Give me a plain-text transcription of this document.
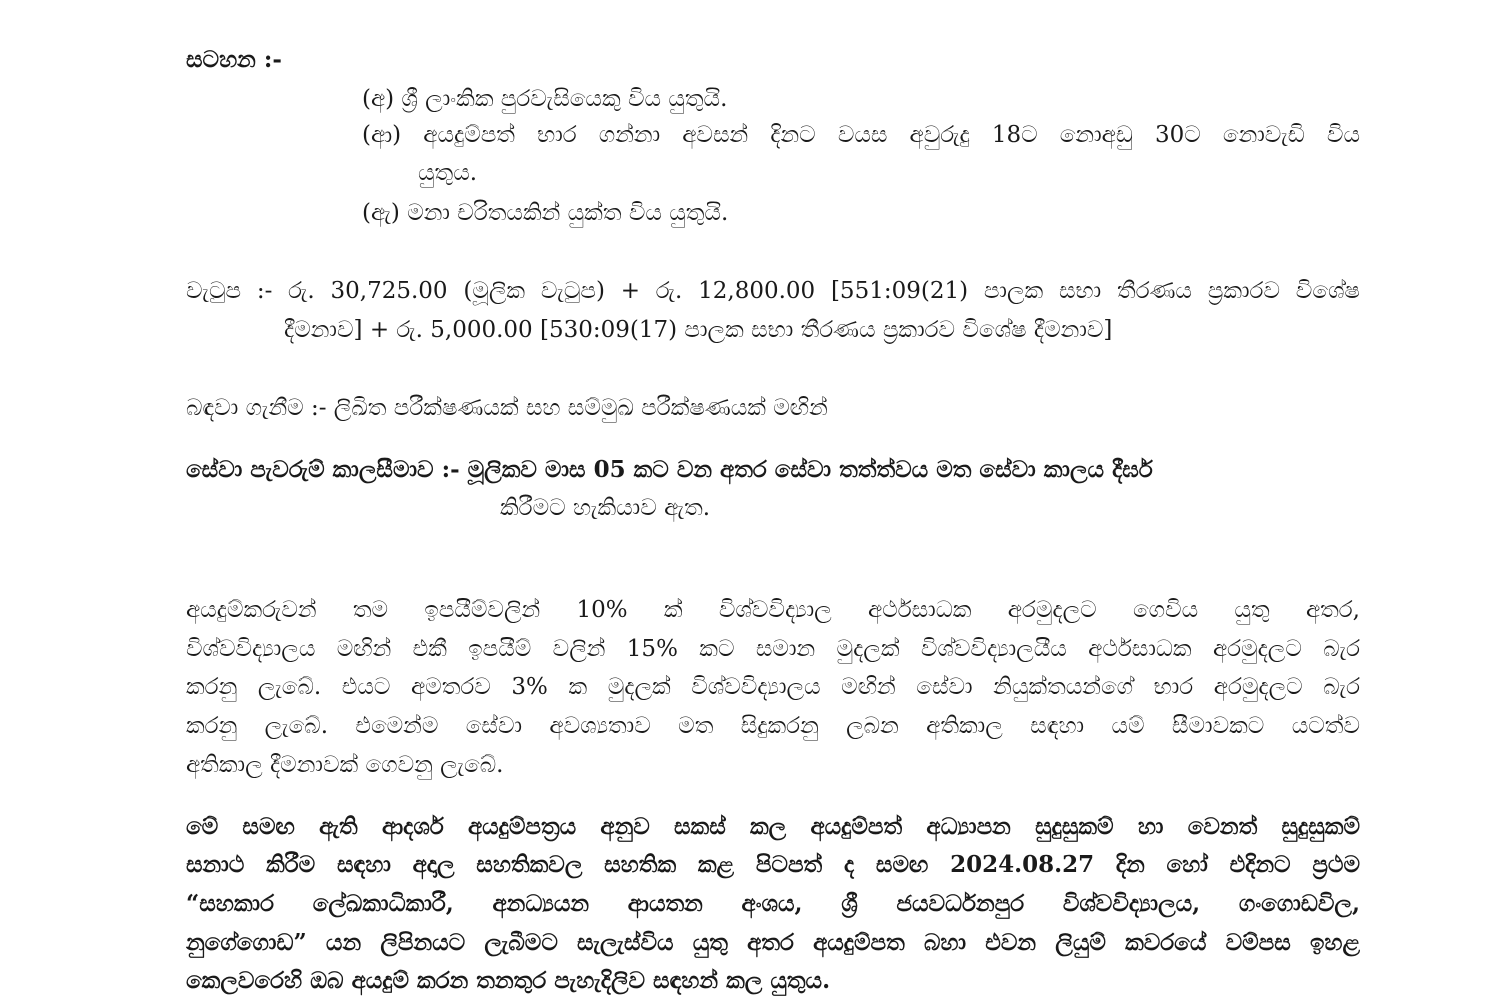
සටහන :-
(අ) ශ්‍රී ලාංකික පුරවැසියෙකු විය යුතුයි.
(ආ) අයදුම්පත් භාර ගන්නා අවසන් දිනට වයස අවුරුදු 18ට නොඅඩු 30ට නොවැඩි විය
යුතුය.
(ඇ) මනා චරිතයකින් යුක්ත විය යුතුයි.
වැටුප :- රු. 30,725.00 (මූලික වැටුප) + රු. 12,800.00 [551:09(21) පාලක සභා තීරණය ප්‍රකාරව විශේෂ
දීමනාව] + රු. 5,000.00 [530:09(17) පාලක සභා තීරණය ප්‍රකාරව විශේෂ දීමනාව]
බඳවා ගැනීම :- ලිඛිත පරීක්ෂණයක් සහ සම්මුඛ පරීක්ෂණයක් මඟින්
සේවා පැවරුම් කාලසීමාව :- මූලිකව මාස 05 කට වන අතර සේවා තත්ත්වය මත සේවා කාලය දීර්ඝ
කිරීමට හැකියාව ඇත.
අයදුම්කරුවන් තම ඉපයීම්වලින් 10% ක් විශ්වවිද්‍යාල අර්ථසාධක අරමුදලට ගෙවිය යුතු අතර,
විශ්වවිද්‍යාලය මඟින් එකී ඉපයීම් වලින් 15% කට සමාන මුදලක් විශ්වවිද්‍යාලයීය අර්ථසාධක අරමුදලට බැර
කරනු ලැබේ. එයට අමතරව 3% ක මුදලක් විශ්වවිද්‍යාලය මඟින් සේවා නියුක්තයන්ගේ භාර අරමුදලට බැර
කරනු ලැබේ. එමෙන්ම සේවා අවශ්‍යතාව මත සිදුකරනු ලබන අතිකාල සඳහා යම් සීමාවකට යටත්ව
අතිකාල දීමනාවක් ගෙවනු ලැබේ.
මේ සමඟ ඇති ආදර්ශ අයදුම්පත්‍රය අනුව සකස් කල අයදුම්පත් අධ්‍යාපන සුදුසුකම් හා වෙනත් සුදුසුකම්
සනාථ කිරීම සඳහා අදාල සහතිකවල සහතික කළ පිටපත් ද සමඟ 2024.08.27 දින හෝ එදිනට ප්‍රථම
“සහකාර ලේඛකාධිකාරී, අනධ්‍යයන ආයතන අංශය, ශ්‍රී ජයවර්ධනපුර විශ්වවිද්‍යාලය, ගංගොඩවිල,
නුගේගොඩ” යන ලිපිනයට ලැබීමට සැලැස්විය යුතු අතර අයදුම්පත බහා එවන ලියුම් කවරයේ වම්පස ඉහළ
කෙලවරෙහි ඔබ අයදුම් කරන තනතුර පැහැදිලිව සඳහන් කල යුතුය.
